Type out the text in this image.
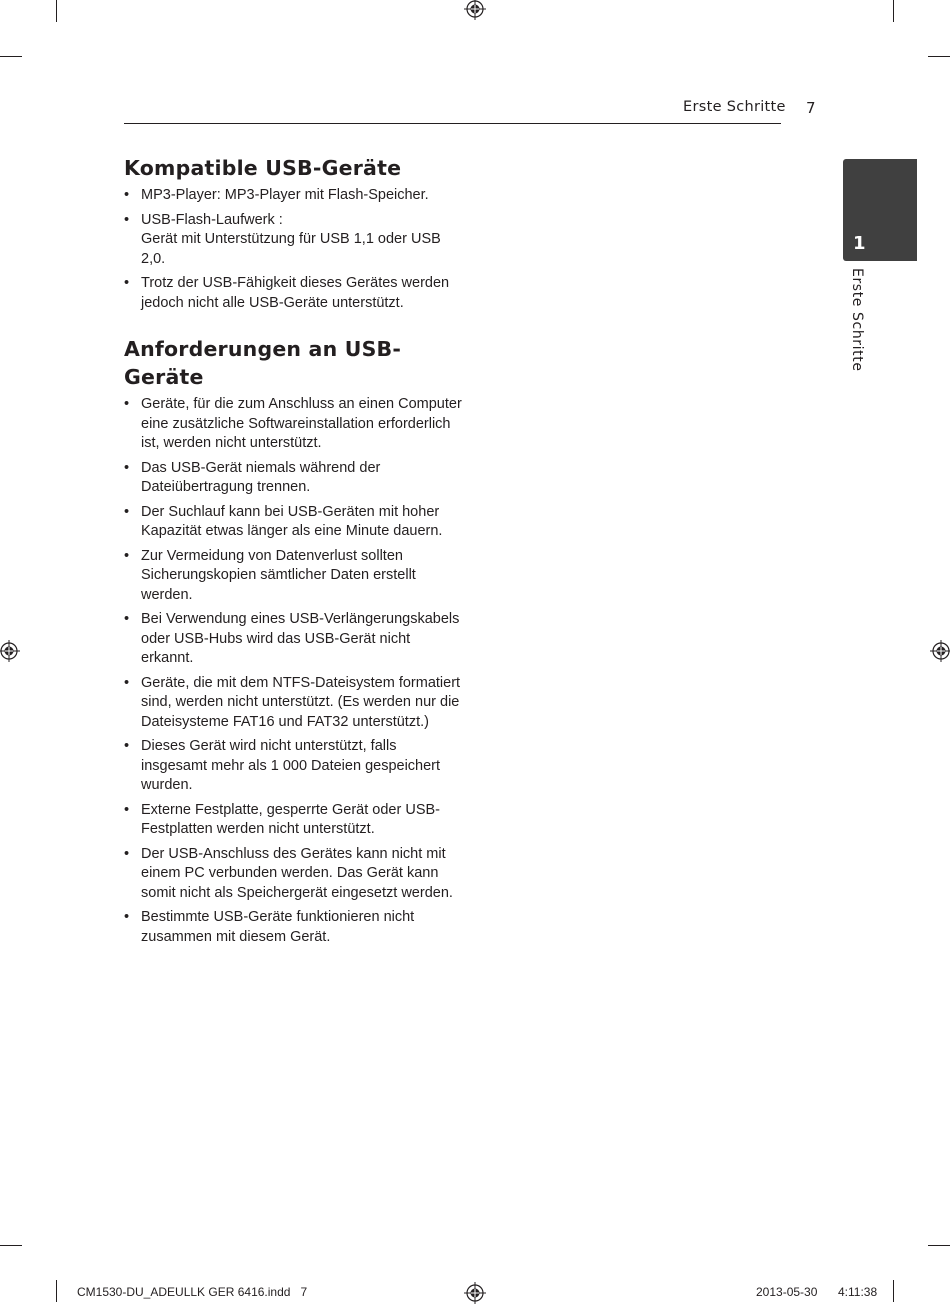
Erste Schritte 7
1
Erste Schritte
Kompatible USB-Geräte
• MP3-Player: MP3-Player mit Flash-Speicher.
• USB-Flash-Laufwerk :
Gerät mit Unterstützung für USB 1,1 oder USB 2,0.
• Trotz der USB-Fähigkeit dieses Gerätes werden jedoch nicht alle USB-Geräte unterstützt.
Anforderungen an USB-Geräte
• Geräte, für die zum Anschluss an einen Computer eine zusätzliche Softwareinstallation erforderlich ist, werden nicht unterstützt.
• Das USB-Gerät niemals während der Dateiübertragung trennen.
• Der Suchlauf kann bei USB-Geräten mit hoher Kapazität etwas länger als eine Minute dauern.
• Zur Vermeidung von Datenverlust sollten Sicherungskopien sämtlicher Daten erstellt werden.
• Bei Verwendung eines USB-Verlängerungskabels oder USB-Hubs wird das USB-Gerät nicht erkannt.
• Geräte, die mit dem NTFS-Dateisystem formatiert sind, werden nicht unterstützt. (Es werden nur die Dateisysteme FAT16 und FAT32 unterstützt.)
• Dieses Gerät wird nicht unterstützt, falls insgesamt mehr als 1 000 Dateien gespeichert wurden.
• Externe Festplatte, gesperrte Gerät oder USB-Festplatten werden nicht unterstützt.
• Der USB-Anschluss des Gerätes kann nicht mit einem PC verbunden werden. Das Gerät kann somit nicht als Speichergerät eingesetzt werden.
• Bestimmte USB-Geräte funktionieren nicht zusammen mit diesem Gerät.
CM1530-DU_ADEULLK GER 6416.indd   7	2013-05-30 4:11:38
